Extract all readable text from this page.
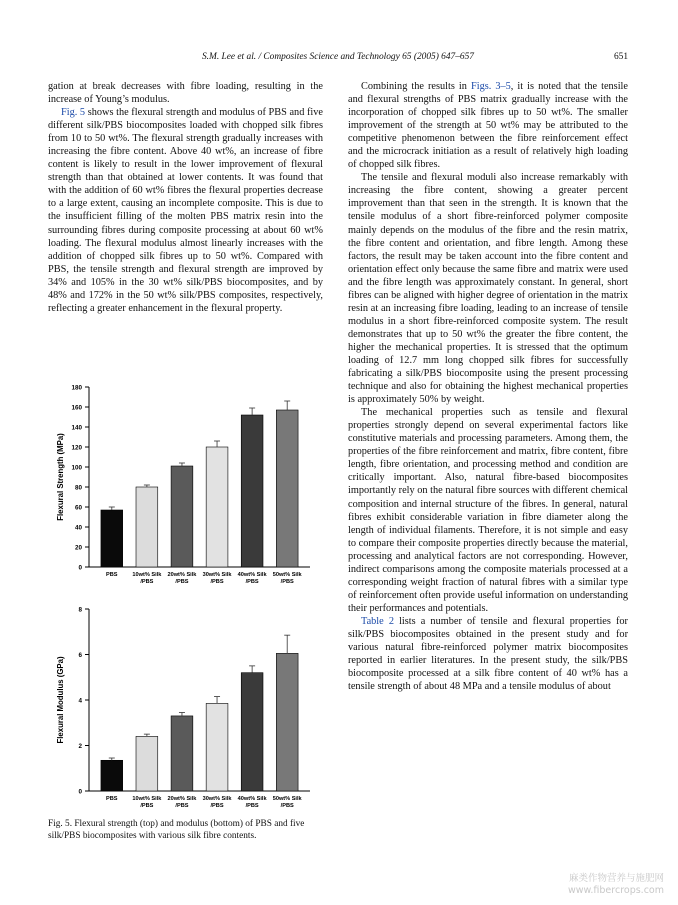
S.M. Lee et al. / Composites Science and Technology 65 (2005) 647–657	651

gation at break decreases with fibre loading, resulting in the increase of Young’s modulus.

Fig. 5 shows the flexural strength and modulus of PBS and five different silk/PBS biocomposites loaded with chopped silk fibres from 10 to 50 wt%. The flexural strength gradually increases with increasing the fibre content. Above 40 wt%, an increase of fibre content is likely to result in the lower improvement of flexural strength than that obtained at lower contents. It was found that with the addition of 60 wt% fibres the flexural properties decrease to a large extent, causing an incomplete composite. This is due to the insufficient filling of the molten PBS matrix resin into the surrounding fibres during composite processing at about 60 wt% loading. The flexural modulus almost linearly increases with the addition of chopped silk fibres up to 50 wt%. Compared with PBS, the tensile strength and flexural strength are improved by 34% and 105% in the 30 wt% silk/PBS biocomposites, and by 48% and 172% in the 50 wt% silk/PBS composites, respectively, reflecting a greater enhancement in the flexural property.

Combining the results in Figs. 3–5, it is noted that the tensile and flexural strengths of PBS matrix gradually increase with the incorporation of chopped silk fibres up to 50 wt%. The smaller improvement of the strength at 50 wt% may be attributed to the competitive phenomenon between the fibre reinforcement effect and the microcrack initiation as a result of relatively high loading of chopped silk fibres.

The tensile and flexural moduli also increase remarkably with increasing the fibre content, showing a greater percent improvement than that seen in the strength. It is known that the tensile modulus of a short fibre-reinforced polymer composite mainly depends on the modulus of the fibre and the resin matrix, the fibre content and orientation, and fibre length. Among these factors, the result may be taken account into the fibre content and orientation effect only because the same fibre and matrix were used and the fibre length was approximately constant. In general, short fibres can be aligned with higher degree of orientation in the matrix resin at an increasing fibre loading, leading to an increase of tensile modulus in a short fibre-reinforced composite system. The result demonstrates that up to 50 wt% the greater the fibre content, the higher the mechanical properties. It is stressed that the optimum loading of 12.7 mm long chopped silk fibres for successfully fabricating a silk/PBS biocomposite using the present processing technique and also for obtaining the highest mechanical properties is approximately 50% by weight.

The mechanical properties such as tensile and flexural properties strongly depend on several experimental factors like constitutive materials and processing parameters. Among them, the properties of the fibre reinforcement and matrix, fibre content, fibre length, fibre orientation, and processing method and condition are critically important. Also, natural fibre-based biocomposites importantly rely on the natural fibre sources with different chemical composition and internal structure of the fibres. In general, natural fibres exhibit considerable variation in fibre diameter along the length of individual filaments. Therefore, it is not simple and easy to compare their composite properties directly because the material, processing and analytical factors are not corresponding. However, indirect comparisons among the composite materials processed at a corresponding weight fraction of natural fibres with a similar type of reinforcement often provide useful information on understanding their performances and potentials.

Table 2 lists a number of tensile and flexural properties for silk/PBS biocomposites obtained in the present study and for various natural fibre-reinforced polymer matrix biocomposites reported in earlier literatures. In the present study, the silk/PBS biocomposite processed at a silk fibre content of 40 wt% has a tensile strength of about 48 MPa and a tensile modulus of about

0
20
40
60
80
100
120
140
160
180
Flexural Strength (MPa)
PBS	10wt% Silk /PBS
20wt% Silk /PBS
30wt% Silk /PBS
40wt% Silk /PBS
50wt% Silk /PBS
0
2
4
6
8
Flexural Modulus (GPa)
PBS	10wt% Silk /PBS
20wt% Silk /PBS
30wt% Silk /PBS
40wt% Silk /PBS
50wt% Silk /PBS
Fig. 5. Flexural strength (top) and modulus (bottom) of PBS and five silk/PBS biocomposites with various silk fibre contents.
麻类作物营养与施肥网
www.fibercrops.com
